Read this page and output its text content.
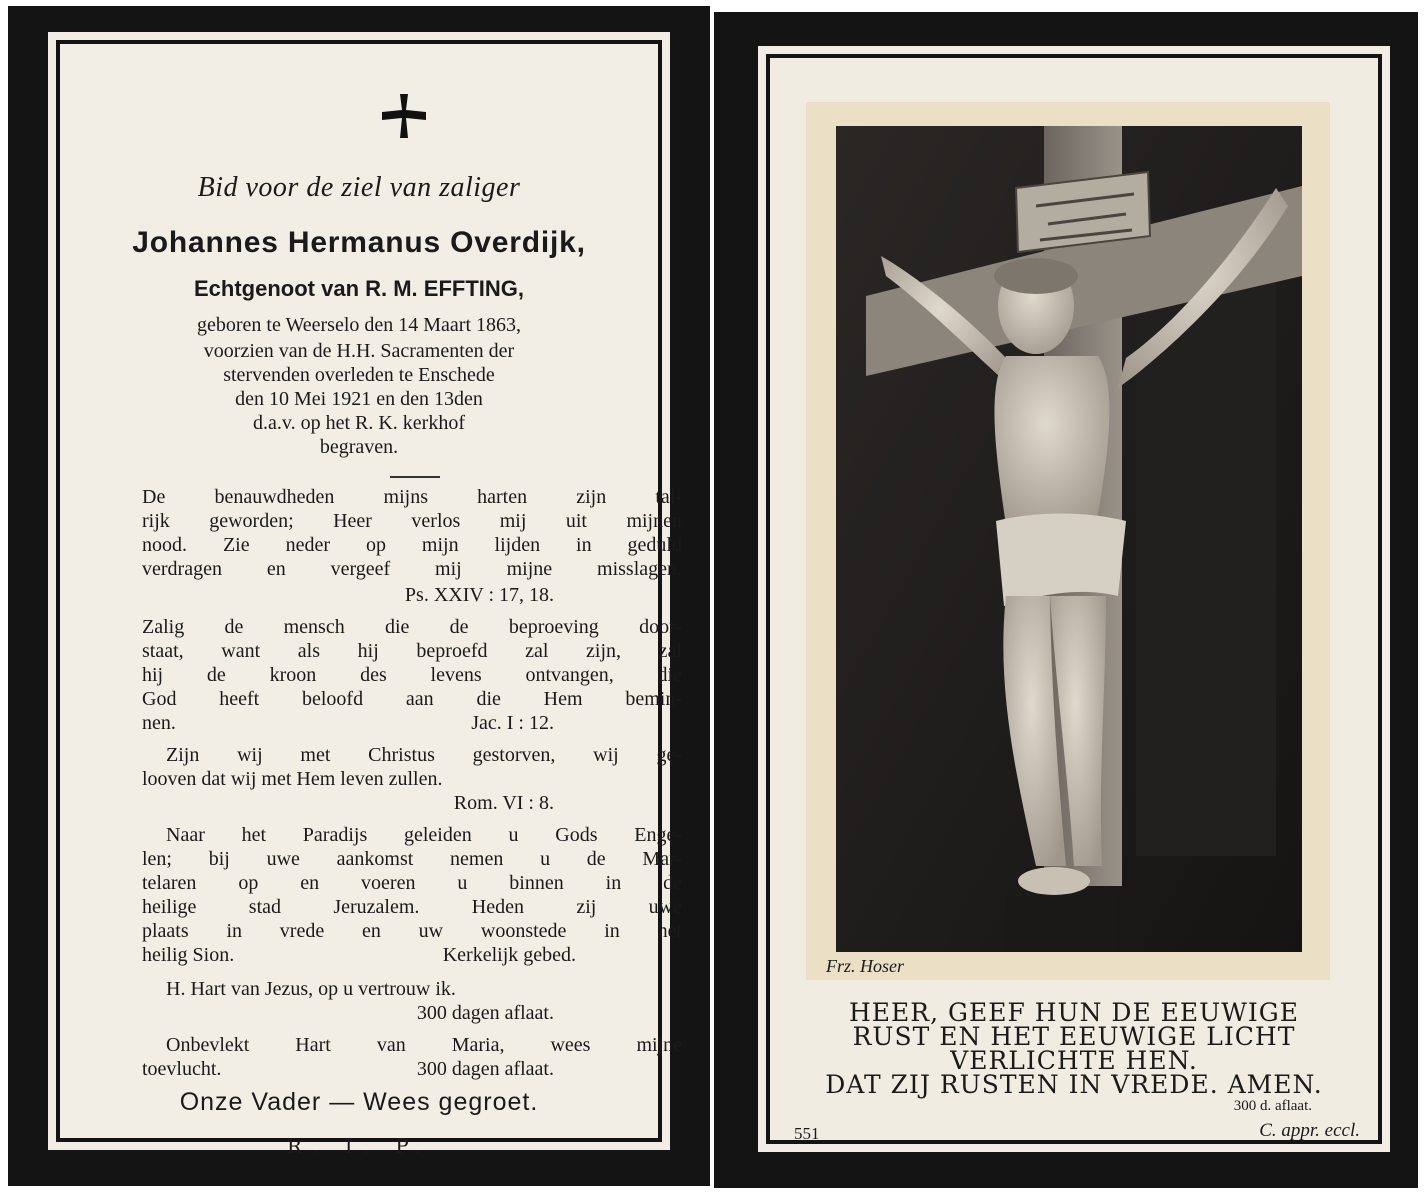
Bid voor de ziel van zaliger
Johannes Hermanus Overdijk,
Echtgenoot van R. M. EFFTING,
geboren te Weerselo den 14 Maart 1863,
voorzien van de H.H. Sacramenten der
stervenden overleden te Enschede
den 10 Mei 1921 en den 13den
d.a.v. op het R. K. kerkhof
begraven.
De benauwdheden mijns harten zijn tal-
rijk geworden; Heer verlos mij uit mijnen
nood. Zie neder op mijn lijden in geduld
verdragen en vergeef mij mijne misslagen.
Ps. XXIV : 17, 18.
Zalig de mensch die de beproeving door-
staat, want als hij beproefd zal zijn, zal
hij de kroon des levens ontvangen, die
God heeft beloofd aan die Hem bemin-
nen.	Jac. I : 12.
Zijn wij met Christus gestorven, wij ge-
looven dat wij met Hem leven zullen.
Rom. VI : 8.
Naar het Paradijs geleiden u Gods Enge-
len; bij uwe aankomst nemen u de Mar-
telaren op en voeren u binnen in de
heilige stad Jeruzalem. Heden zij uwe
plaats in vrede en uw woonstede in het
heilig Sion.	Kerkelijk gebed.
H. Hart van Jezus, op u vertrouw ik.
300 dagen aflaat.
Onbevlekt Hart van Maria, wees mijne
toevlucht.	300 dagen aflaat.
Onze Vader — Wees gegroet.
R. I. P.
Frz. Hoser
HEER, GEEF HUN DE EEUWIGE
RUST EN HET EEUWIGE LICHT
VERLICHTE HEN.
DAT ZIJ RUSTEN IN VREDE. AMEN.
300 d. aflaat.
551	C. appr. eccl.
